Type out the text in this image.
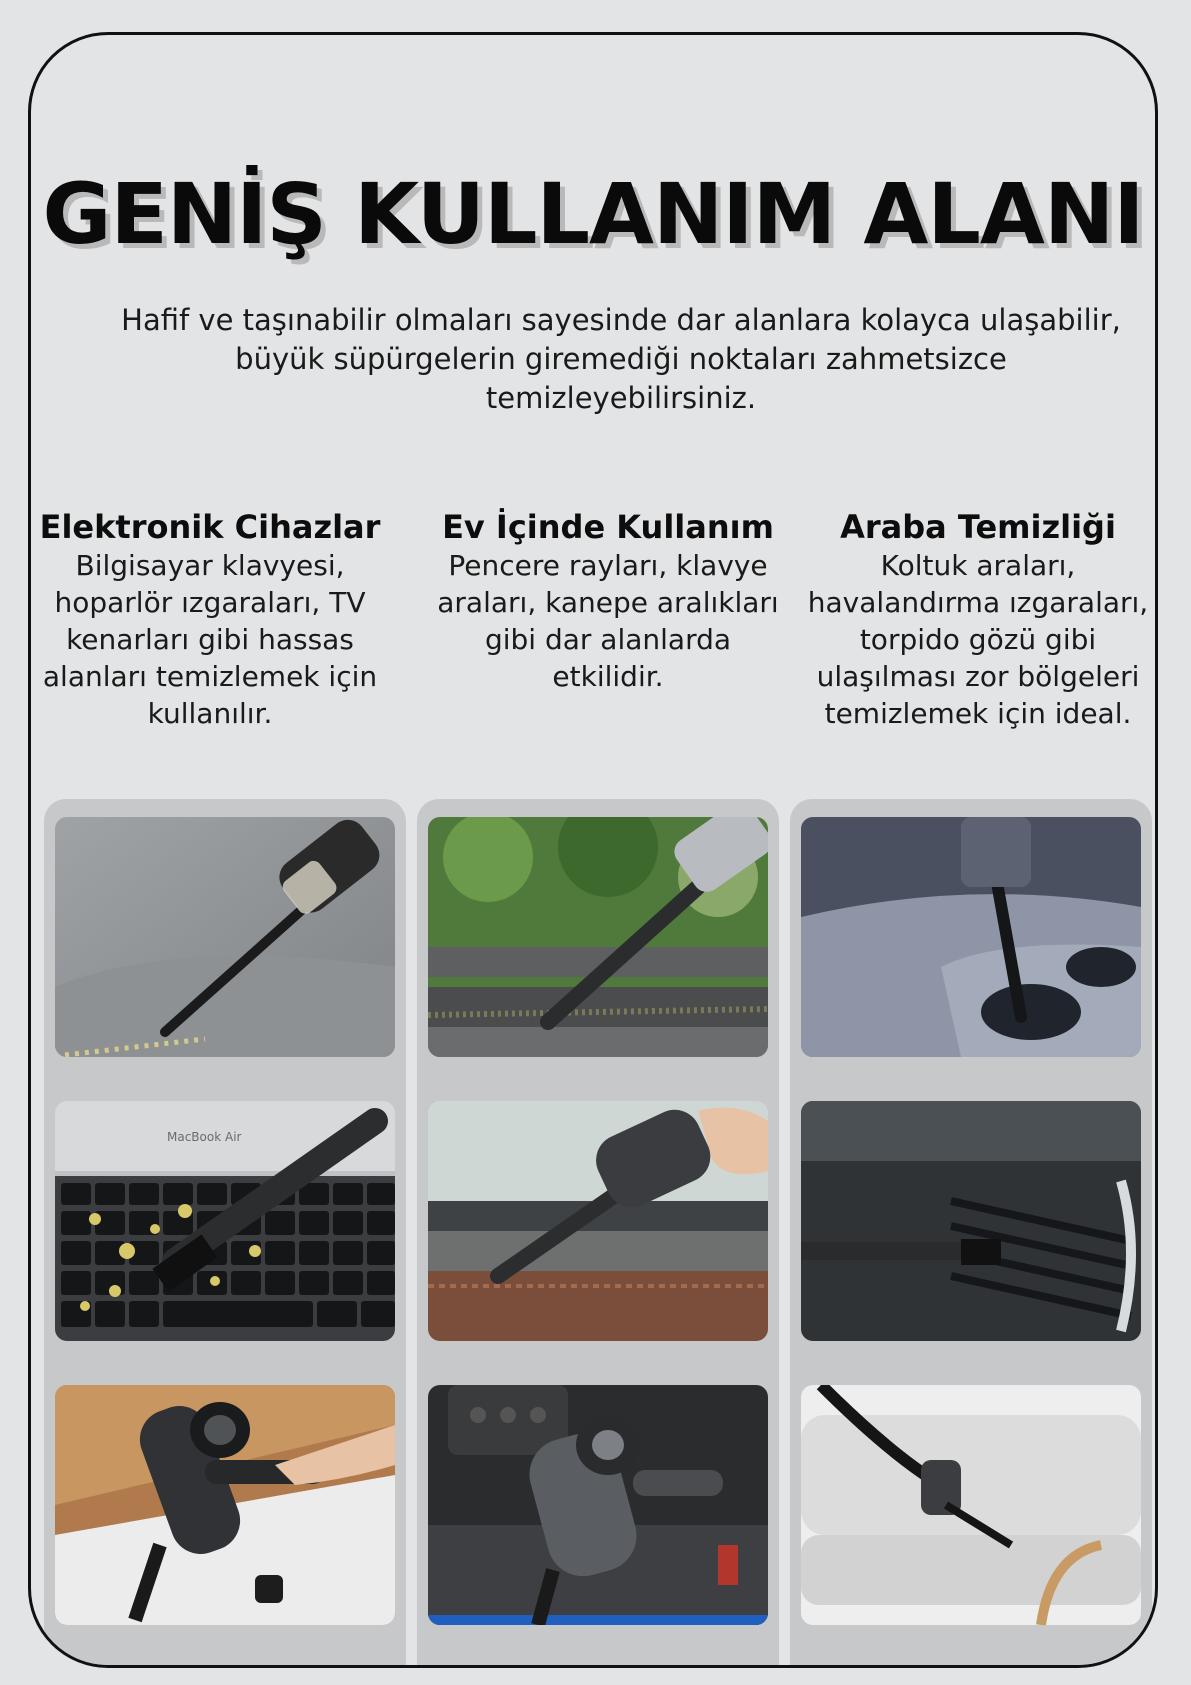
GENİŞ KULLANIM ALANI
Hafif ve taşınabilir olmaları sayesinde dar alanlara kolayca ulaşabilir, büyük süpürgelerin giremediği noktaları zahmetsizce temizleyebilirsiniz.
Elektronik Cihazlar

Bilgisayar klavyesi, hoparlör ızgaraları, TV kenarları gibi hassas alanları temizlemek için kullanılır.

Ev İçinde Kullanım

Pencere rayları, klavye araları, kanepe aralıkları gibi dar alanlarda etkilidir.

Araba Temizliği

Koltuk araları, havalandırma ızgaraları, torpido gözü gibi ulaşılması zor bölgeleri temizlemek için ideal.

MacBook Air
